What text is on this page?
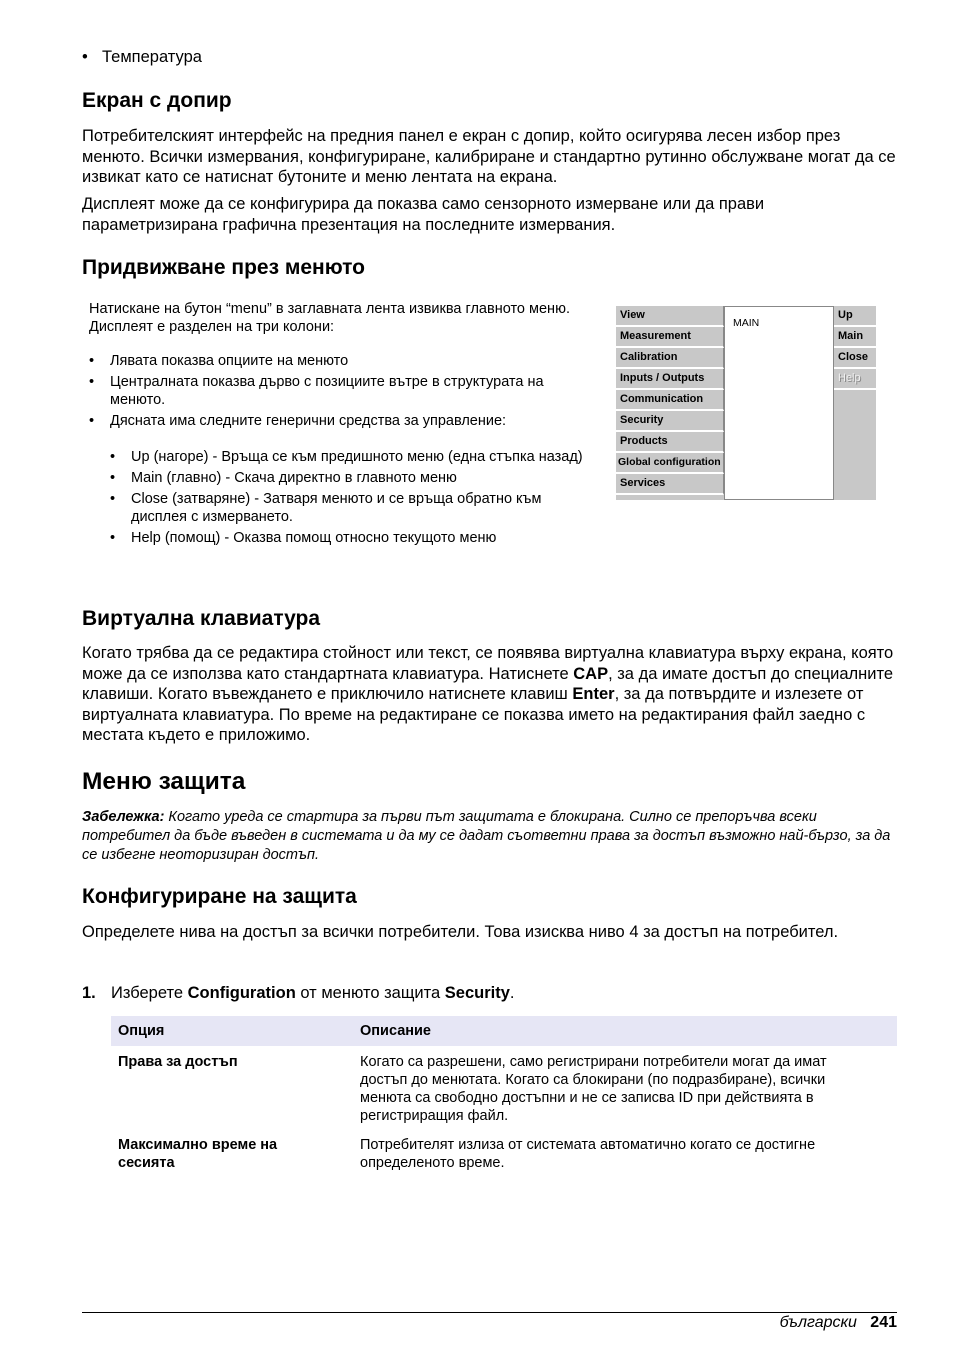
• Температура
Екран с допир
Потребителският интерфейс на предния панел е екран с допир, който осигурява лесен избор през менюто. Всички измервания, конфигуриране, калибриране и стандартно рутинно обслужване могат да се извикат като се натиснат бутоните и меню лентата на екрана.
Дисплеят може да се конфигурира да показва само сензорното измерване или да прави параметризирана графична презентация на последните измервания.
Придвижване през менюто
Натискане на бутон “menu” в заглавната лента извиква главното меню. Дисплеят е разделен на три колони:
• Лявата показва опциите на менюто
• Централната показва дърво с позициите вътре в структурата на менюто.
• Дясната има следните генерични средства за управление:
• Up (нагоре) - Връща се към предишното меню (една стъпка назад)
• Main (главно) - Скача директно в главното меню
• Close (затваряне) - Затваря менюто и се връща обратно към дисплея с измерването.
• Help (помощ) - Оказва помощ относно текущото меню
View
Measurement
Calibration
Inputs / Outputs
Communication
Security
Products
Global configuration
Services
MAIN
Up
Main
Close
Help
Виртуална клавиатура
Когато трябва да се редактира стойност или текст, се появява виртуална клавиатура върху екрана, която може да се използва като стандартната клавиатура. Натиснете CAP, за да имате достъп до специалните клавиши. Когато въвеждането е приключило натиснете клавиш Enter, за да потвърдите и излезете от виртуалната клавиатура. По време на редактиране се показва името на редактирания файл заедно с местата където е приложимо.
Меню защита
Забележка: Когато уреда се стартира за първи път защитата е блокирана. Силно се препоръчва всеки потребител да бъде въведен в системата и да му се дадат съответни права за достъп възможно най-бързо, за да се избегне неоторизиран достъп.
Конфигуриране на защита
Определете нива на достъп за всички потребители. Това изисква ниво 4 за достъп на потребител.
1. Изберете Configuration от менюто защита Security.
Опция	Описание
Права за достъп	Когато са разрешени, само регистрирани потребители могат да имат достъп до менютата. Когато са блокирани (по подразбиране), всички менюта са свободно достъпни и не се записва ID при действията в регистриращия файл.
Максимално време на сесията	Потребителят излиза от системата автоматично когато се достигне определеното време.
български 241
